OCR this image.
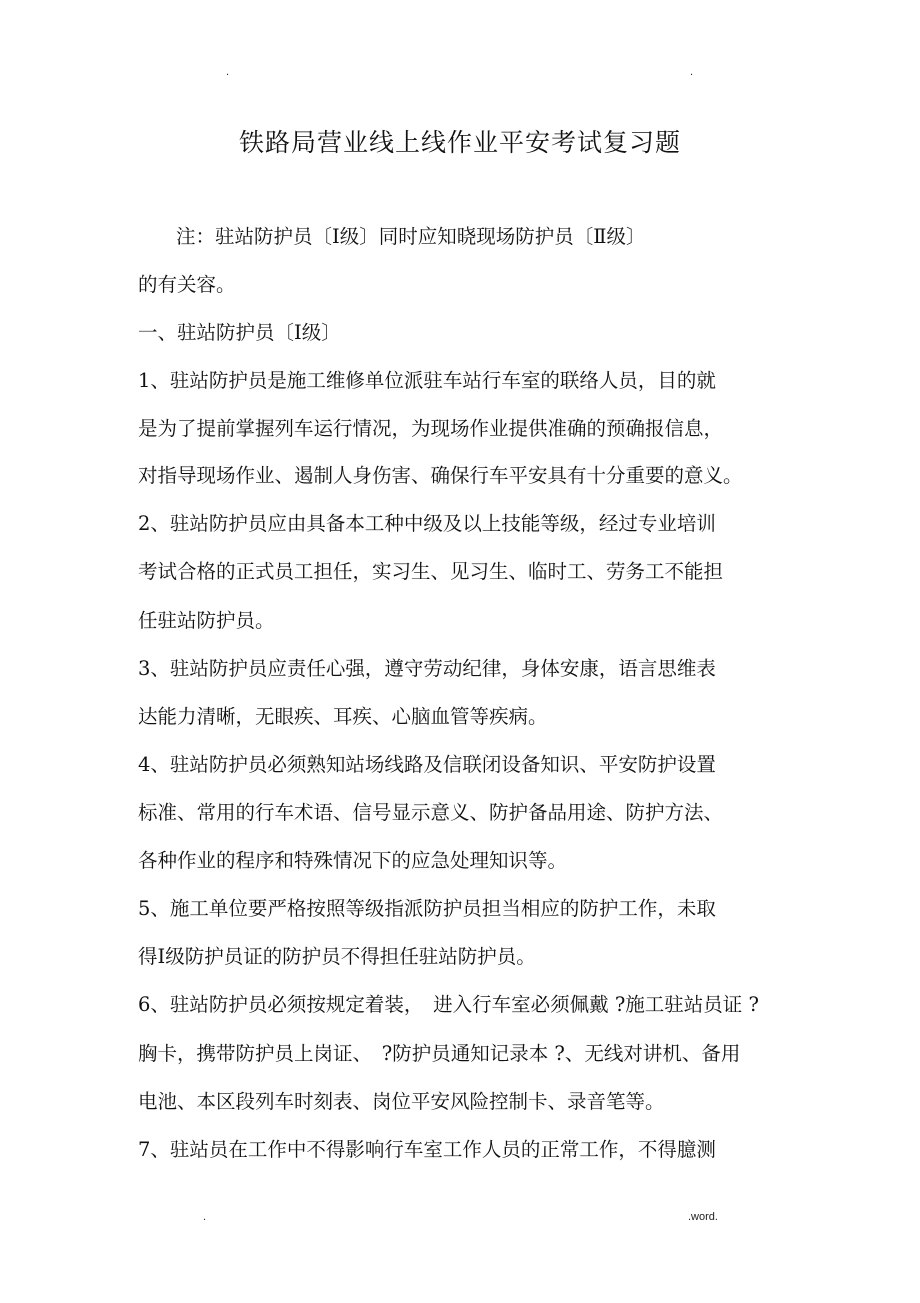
.	.
铁路局营业线上线作业平安考试复习题
注：驻站防护员〔Ⅰ级〕同时应知晓现场防护员〔Ⅱ级〕
的有关容。
一、驻站防护员〔Ⅰ级〕
1、驻站防护员是施工维修单位派驻车站行车室的联络人员，目的就
是为了提前掌握列车运行情况，为现场作业提供准确的预确报信息，
对指导现场作业、遏制人身伤害、确保行车平安具有十分重要的意义。
2、驻站防护员应由具备本工种中级及以上技能等级，经过专业培训
考试合格的正式员工担任，实习生、见习生、临时工、劳务工不能担
任驻站防护员。
3、驻站防护员应责任心强，遵守劳动纪律，身体安康，语言思维表
达能力清晰，无眼疾、耳疾、心脑血管等疾病。
4、驻站防护员必须熟知站场线路及信联闭设备知识、平安防护设置
标准、常用的行车术语、信号显示意义、防护备品用途、防护方法、
各种作业的程序和特殊情况下的应急处理知识等。
5、施工单位要严格按照等级指派防护员担当相应的防护工作，未取
得Ⅰ级防护员证的防护员不得担任驻站防护员。
6、驻站防护员必须按规定着装，　进入行车室必须佩戴 ?施工驻站员证 ?
胸卡，携带防护员上岗证、　?防护员通知记录本 ?、无线对讲机、备用
电池、本区段列车时刻表、岗位平安风险控制卡、录音笔等。
7、驻站员在工作中不得影响行车室工作人员的正常工作，不得臆测
.	.word.
